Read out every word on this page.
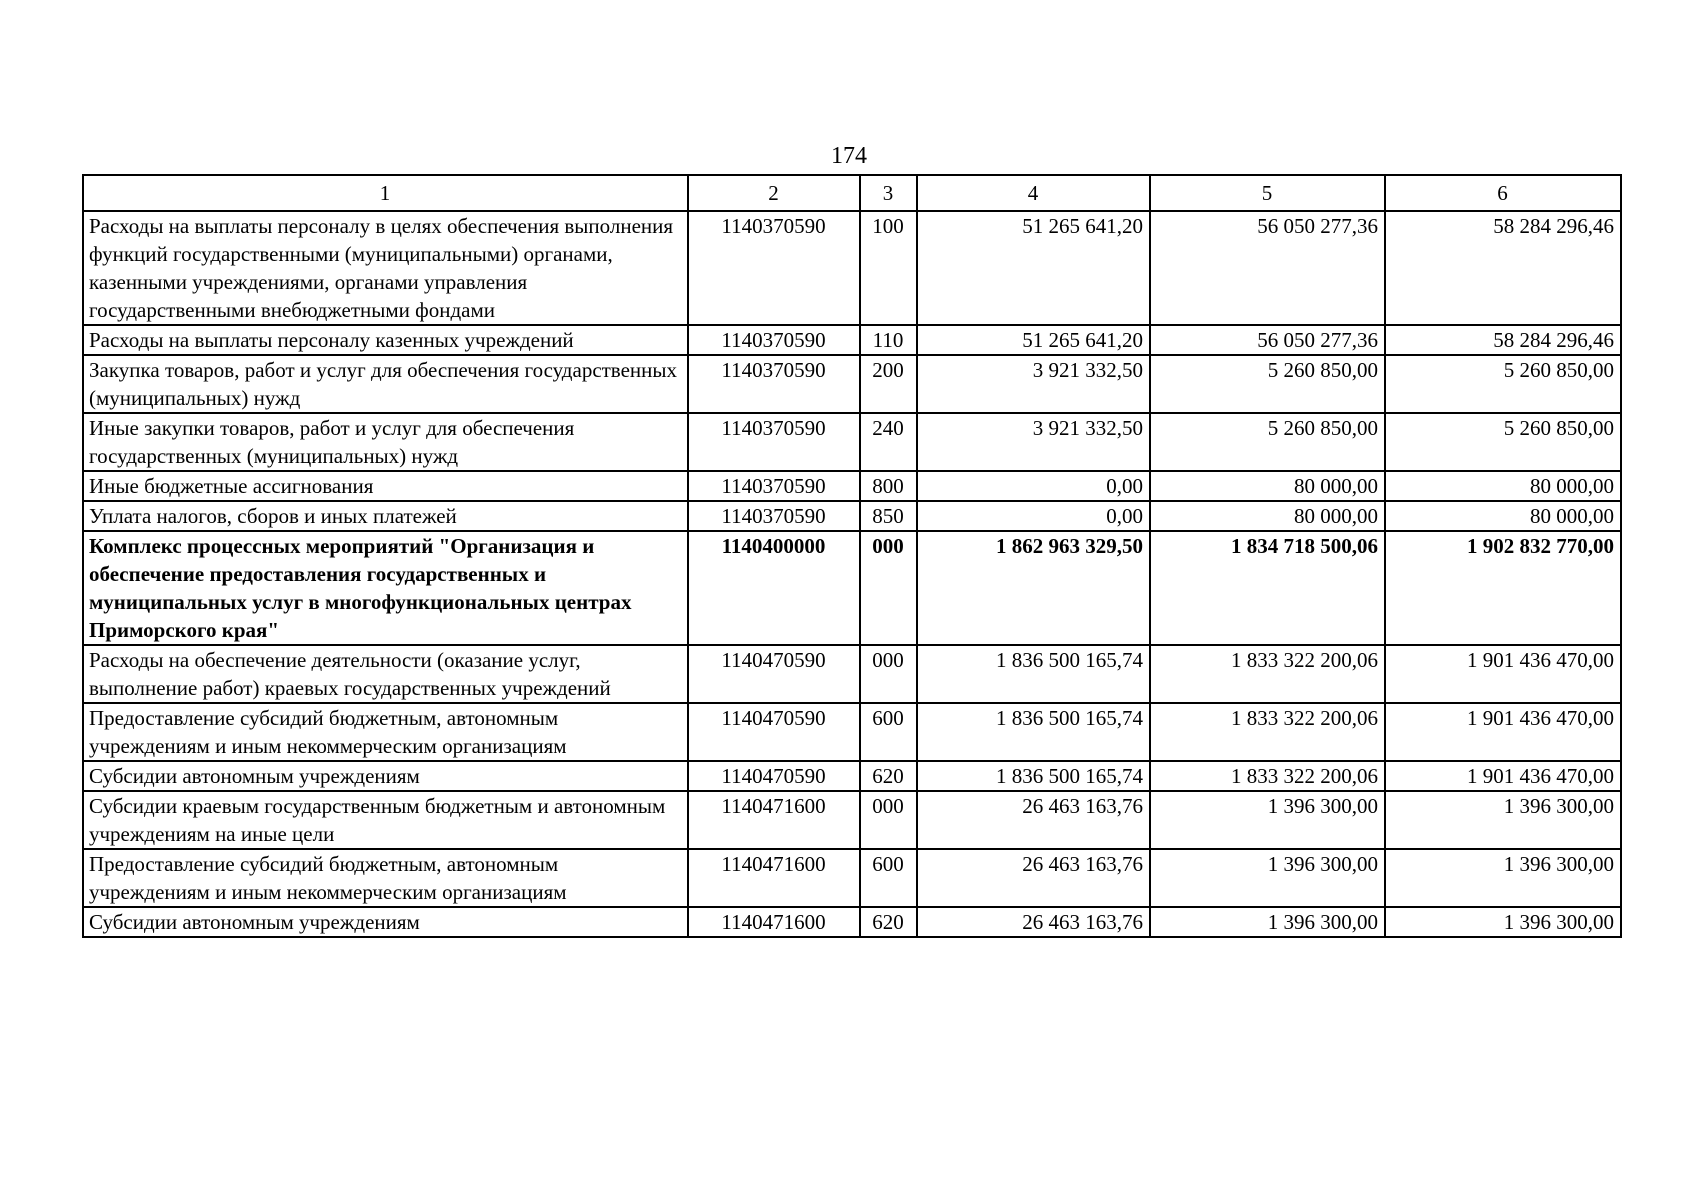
174
1	2	3	4	5	6
Расходы на выплаты персоналу в целях обеспечения выполнения функций государственными (муниципальными) органами, казенными учреждениями, органами управления государственными внебюджетными фондами	1140370590	100	51 265 641,20	56 050 277,36	58 284 296,46
Расходы на выплаты персоналу казенных учреждений	1140370590	110	51 265 641,20	56 050 277,36	58 284 296,46
Закупка товаров, работ и услуг для обеспечения государственных (муниципальных) нужд	1140370590	200	3 921 332,50	5 260 850,00	5 260 850,00
Иные закупки товаров, работ и услуг для обеспечения государственных (муниципальных) нужд	1140370590	240	3 921 332,50	5 260 850,00	5 260 850,00
Иные бюджетные ассигнования	1140370590	800	0,00	80 000,00	80 000,00
Уплата налогов, сборов и иных платежей	1140370590	850	0,00	80 000,00	80 000,00
Комплекс процессных мероприятий "Организация и обеспечение предоставления государственных и муниципальных услуг в многофункциональных центрах Приморского края"	1140400000	000	1 862 963 329,50	1 834 718 500,06	1 902 832 770,00
Расходы на обеспечение деятельности (оказание услуг, выполнение работ) краевых государственных учреждений	1140470590	000	1 836 500 165,74	1 833 322 200,06	1 901 436 470,00
Предоставление субсидий бюджетным, автономным учреждениям и иным некоммерческим организациям	1140470590	600	1 836 500 165,74	1 833 322 200,06	1 901 436 470,00
Субсидии автономным учреждениям	1140470590	620	1 836 500 165,74	1 833 322 200,06	1 901 436 470,00
Субсидии краевым государственным бюджетным и автономным учреждениям на иные цели	1140471600	000	26 463 163,76	1 396 300,00	1 396 300,00
Предоставление субсидий бюджетным, автономным учреждениям и иным некоммерческим организациям	1140471600	600	26 463 163,76	1 396 300,00	1 396 300,00
Субсидии автономным учреждениям	1140471600	620	26 463 163,76	1 396 300,00	1 396 300,00
